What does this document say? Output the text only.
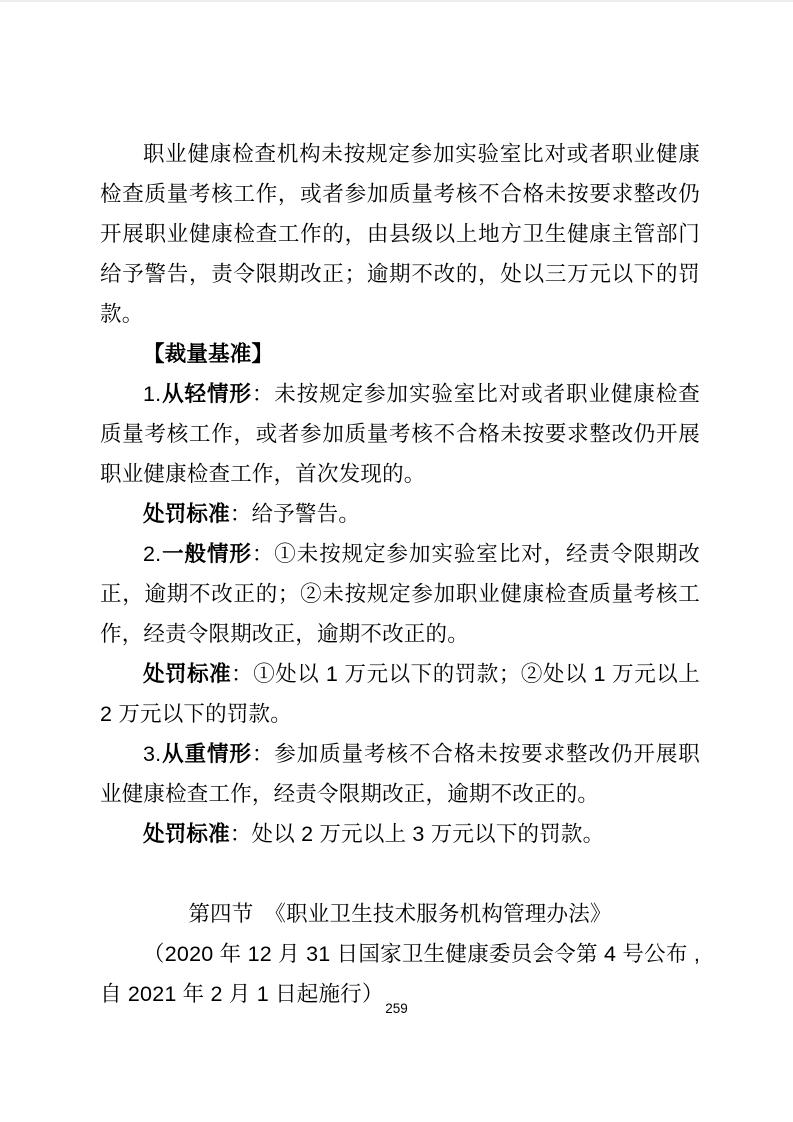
职业健康检查机构未按规定参加实验室比对或者职业健康检查质量考核工作，或者参加质量考核不合格未按要求整改仍开展职业健康检查工作的，由县级以上地方卫生健康主管部门给予警告，责令限期改正；逾期不改的，处以三万元以下的罚款。

【裁量基准】

1.从轻情形：未按规定参加实验室比对或者职业健康检查质量考核工作，或者参加质量考核不合格未按要求整改仍开展职业健康检查工作，首次发现的。

处罚标准：给予警告。

2.一般情形：①未按规定参加实验室比对，经责令限期改正，逾期不改正的；②未按规定参加职业健康检查质量考核工作，经责令限期改正，逾期不改正的。

处罚标准：①处以 1 万元以下的罚款；②处以 1 万元以上 2 万元以下的罚款。

3.从重情形：参加质量考核不合格未按要求整改仍开展职业健康检查工作，经责令限期改正，逾期不改正的。

处罚标准：处以 2 万元以上 3 万元以下的罚款。

第四节　《职业卫生技术服务机构管理办法》

（2020 年 12 月 31 日国家卫生健康委员会令第 4 号公布 ,自 2021 年 2 月 1 日起施行）

259
